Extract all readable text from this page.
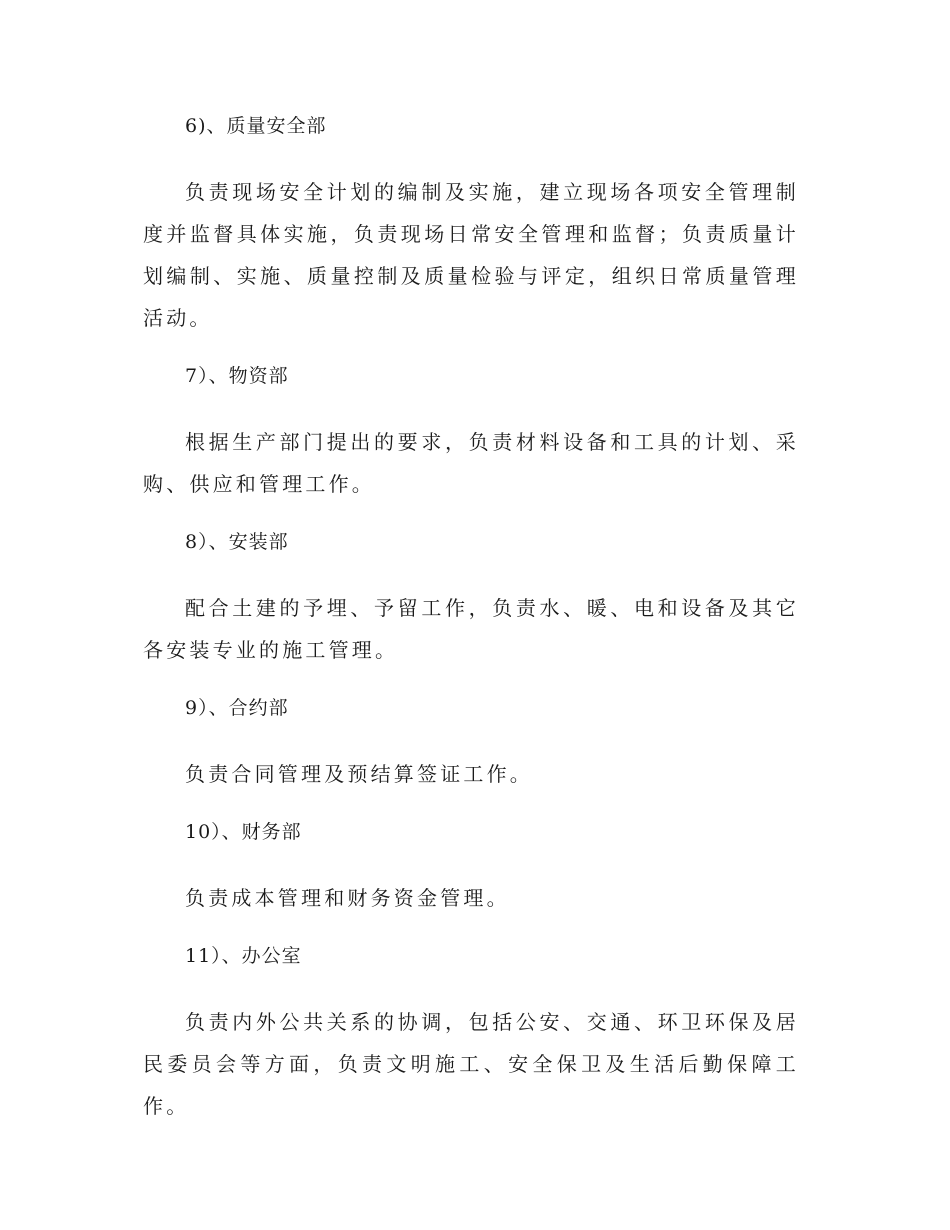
6)、质量安全部

负责现场安全计划的编制及实施，建立现场各项安全管理制度并监督具体实施，负责现场日常安全管理和监督；负责质量计划编制、实施、质量控制及质量检验与评定，组织日常质量管理活动。

7）、物资部

根据生产部门提出的要求，负责材料设备和工具的计划、采购、供应和管理工作。

8）、安装部

配合土建的予埋、予留工作，负责水、暖、电和设备及其它各安装专业的施工管理。

9）、合约部

负责合同管理及预结算签证工作。

10）、财务部

负责成本管理和财务资金管理。

11）、办公室

负责内外公共关系的协调，包括公安、交通、环卫环保及居民委员会等方面，负责文明施工、安全保卫及生活后勤保障工作。
